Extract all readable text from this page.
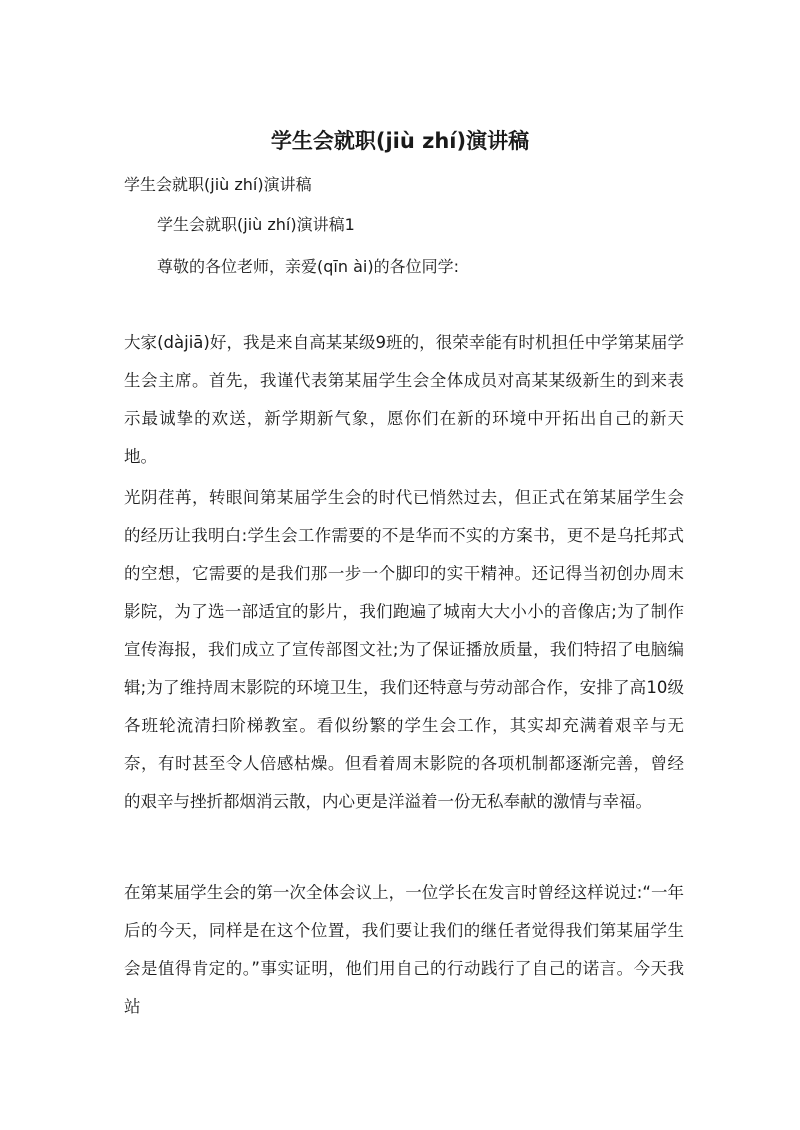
学生会就职(jiù zhí)演讲稿
学生会就职(jiù zhí)演讲稿
学生会就职(jiù zhí)演讲稿1
尊敬的各位老师，亲爱(qīn ài)的各位同学:

大家(dàjiā)好，我是来自高某某级9班的，很荣幸能有时机担任中学第某届学生会主席。首先，我谨代表第某届学生会全体成员对高某某级新生的到来表示最诚挚的欢送，新学期新气象，愿你们在新的环境中开拓出自己的新天地。

光阴荏苒，转眼间第某届学生会的时代已悄然过去，但正式在第某届学生会的经历让我明白:学生会工作需要的不是华而不实的方案书，更不是乌托邦式的空想，它需要的是我们那一步一个脚印的实干精神。还记得当初创办周末影院，为了选一部适宜的影片，我们跑遍了城南大大小小的音像店;为了制作宣传海报，我们成立了宣传部图文社;为了保证播放质量，我们特招了电脑编辑;为了维持周末影院的环境卫生，我们还特意与劳动部合作，安排了高10级各班轮流清扫阶梯教室。看似纷繁的学生会工作，其实却充满着艰辛与无奈，有时甚至令人倍感枯燥。但看着周末影院的各项机制都逐渐完善，曾经的艰辛与挫折都烟消云散，内心更是洋溢着一份无私奉献的激情与幸福。

在第某届学生会的第一次全体会议上，一位学长在发言时曾经这样说过:“一年后的今天，同样是在这个位置，我们要让我们的继任者觉得我们第某届学生会是值得肯定的。”事实证明，他们用自己的行动践行了自己的诺言。今天我站
